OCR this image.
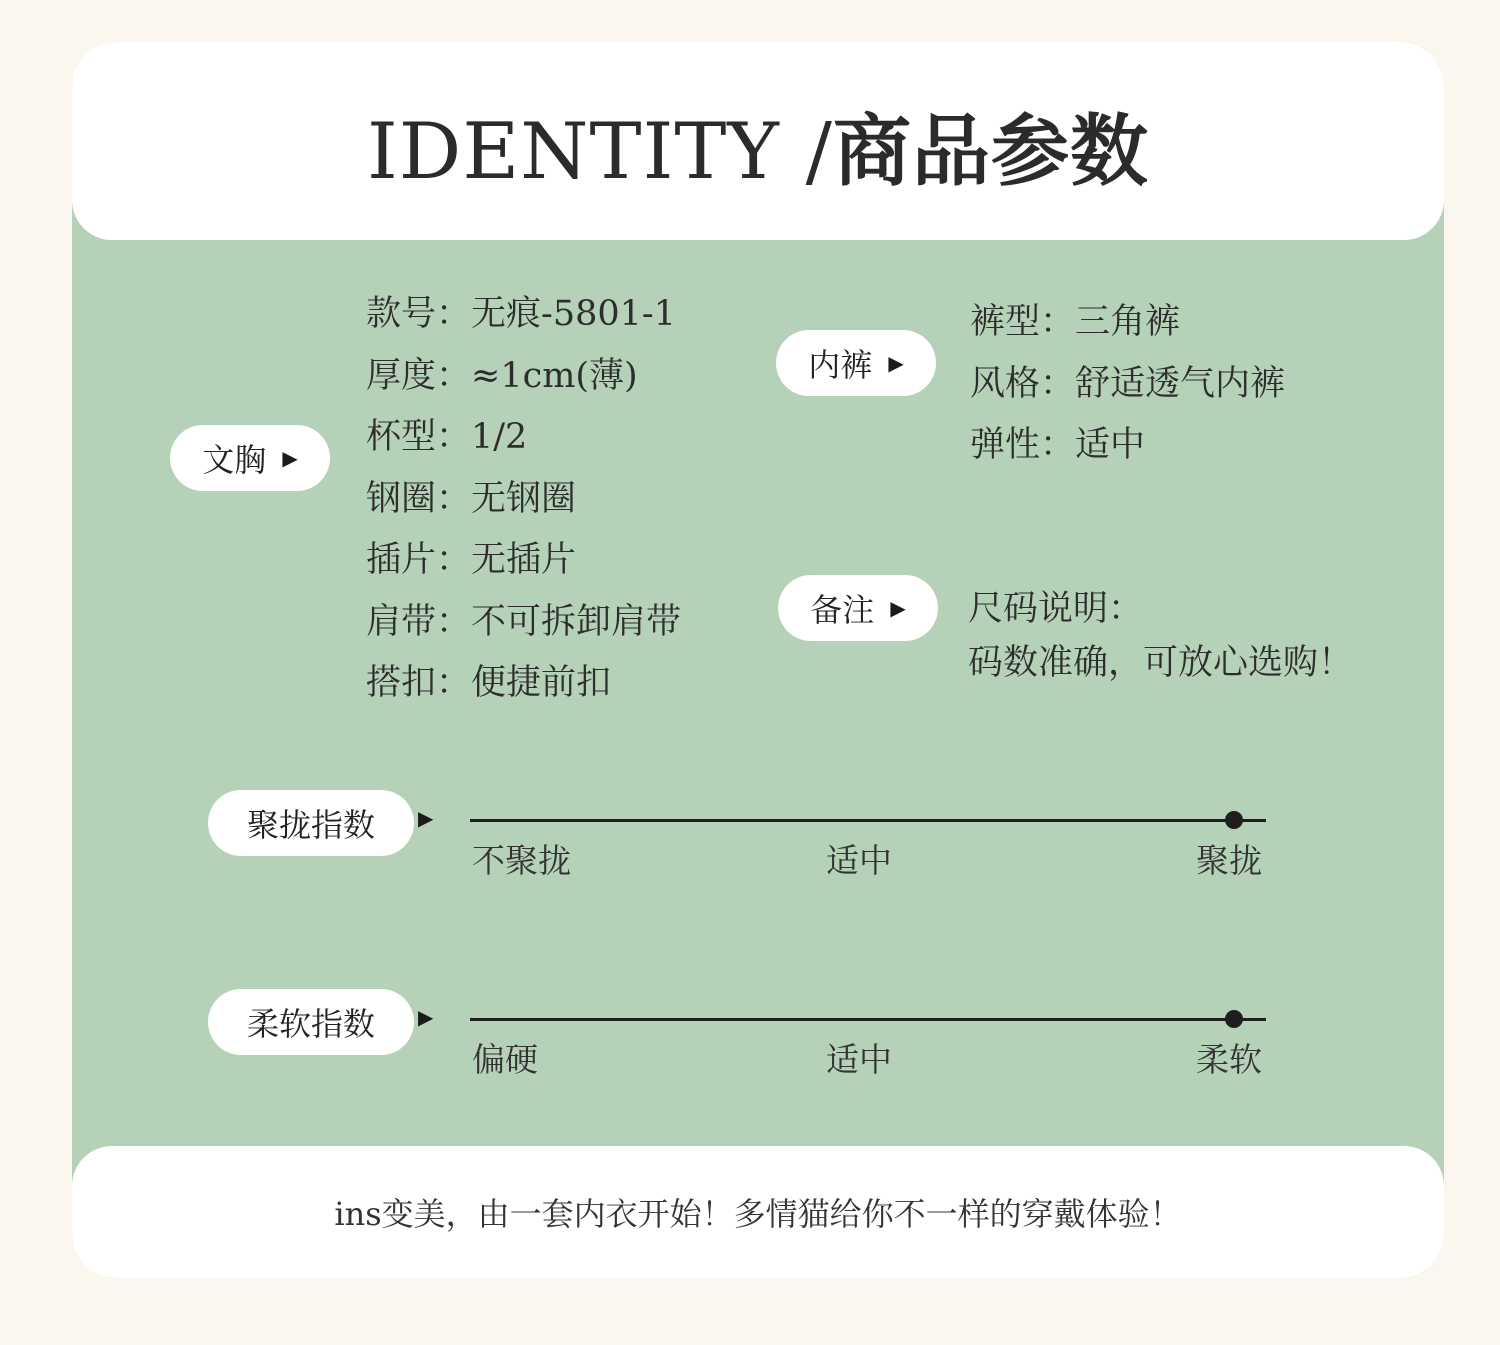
IDENTITY /商品参数
文胸 ▶
款号：无痕-5801-1
厚度：≈1cm(薄)
杯型：1/2
钢圈：无钢圈
插片：无插片
肩带：不可拆卸肩带
搭扣：便捷前扣
内裤 ▶
裤型：三角裤
风格：舒适透气内裤
弹性：适中
备注 ▶ 尺码说明：
码数准确，可放心选购！
聚拢指数 ▶
不聚拢	适中	聚拢
柔软指数 ▶
偏硬	适中	柔软
ins变美，由一套内衣开始！多情猫给你不一样的穿戴体验！
